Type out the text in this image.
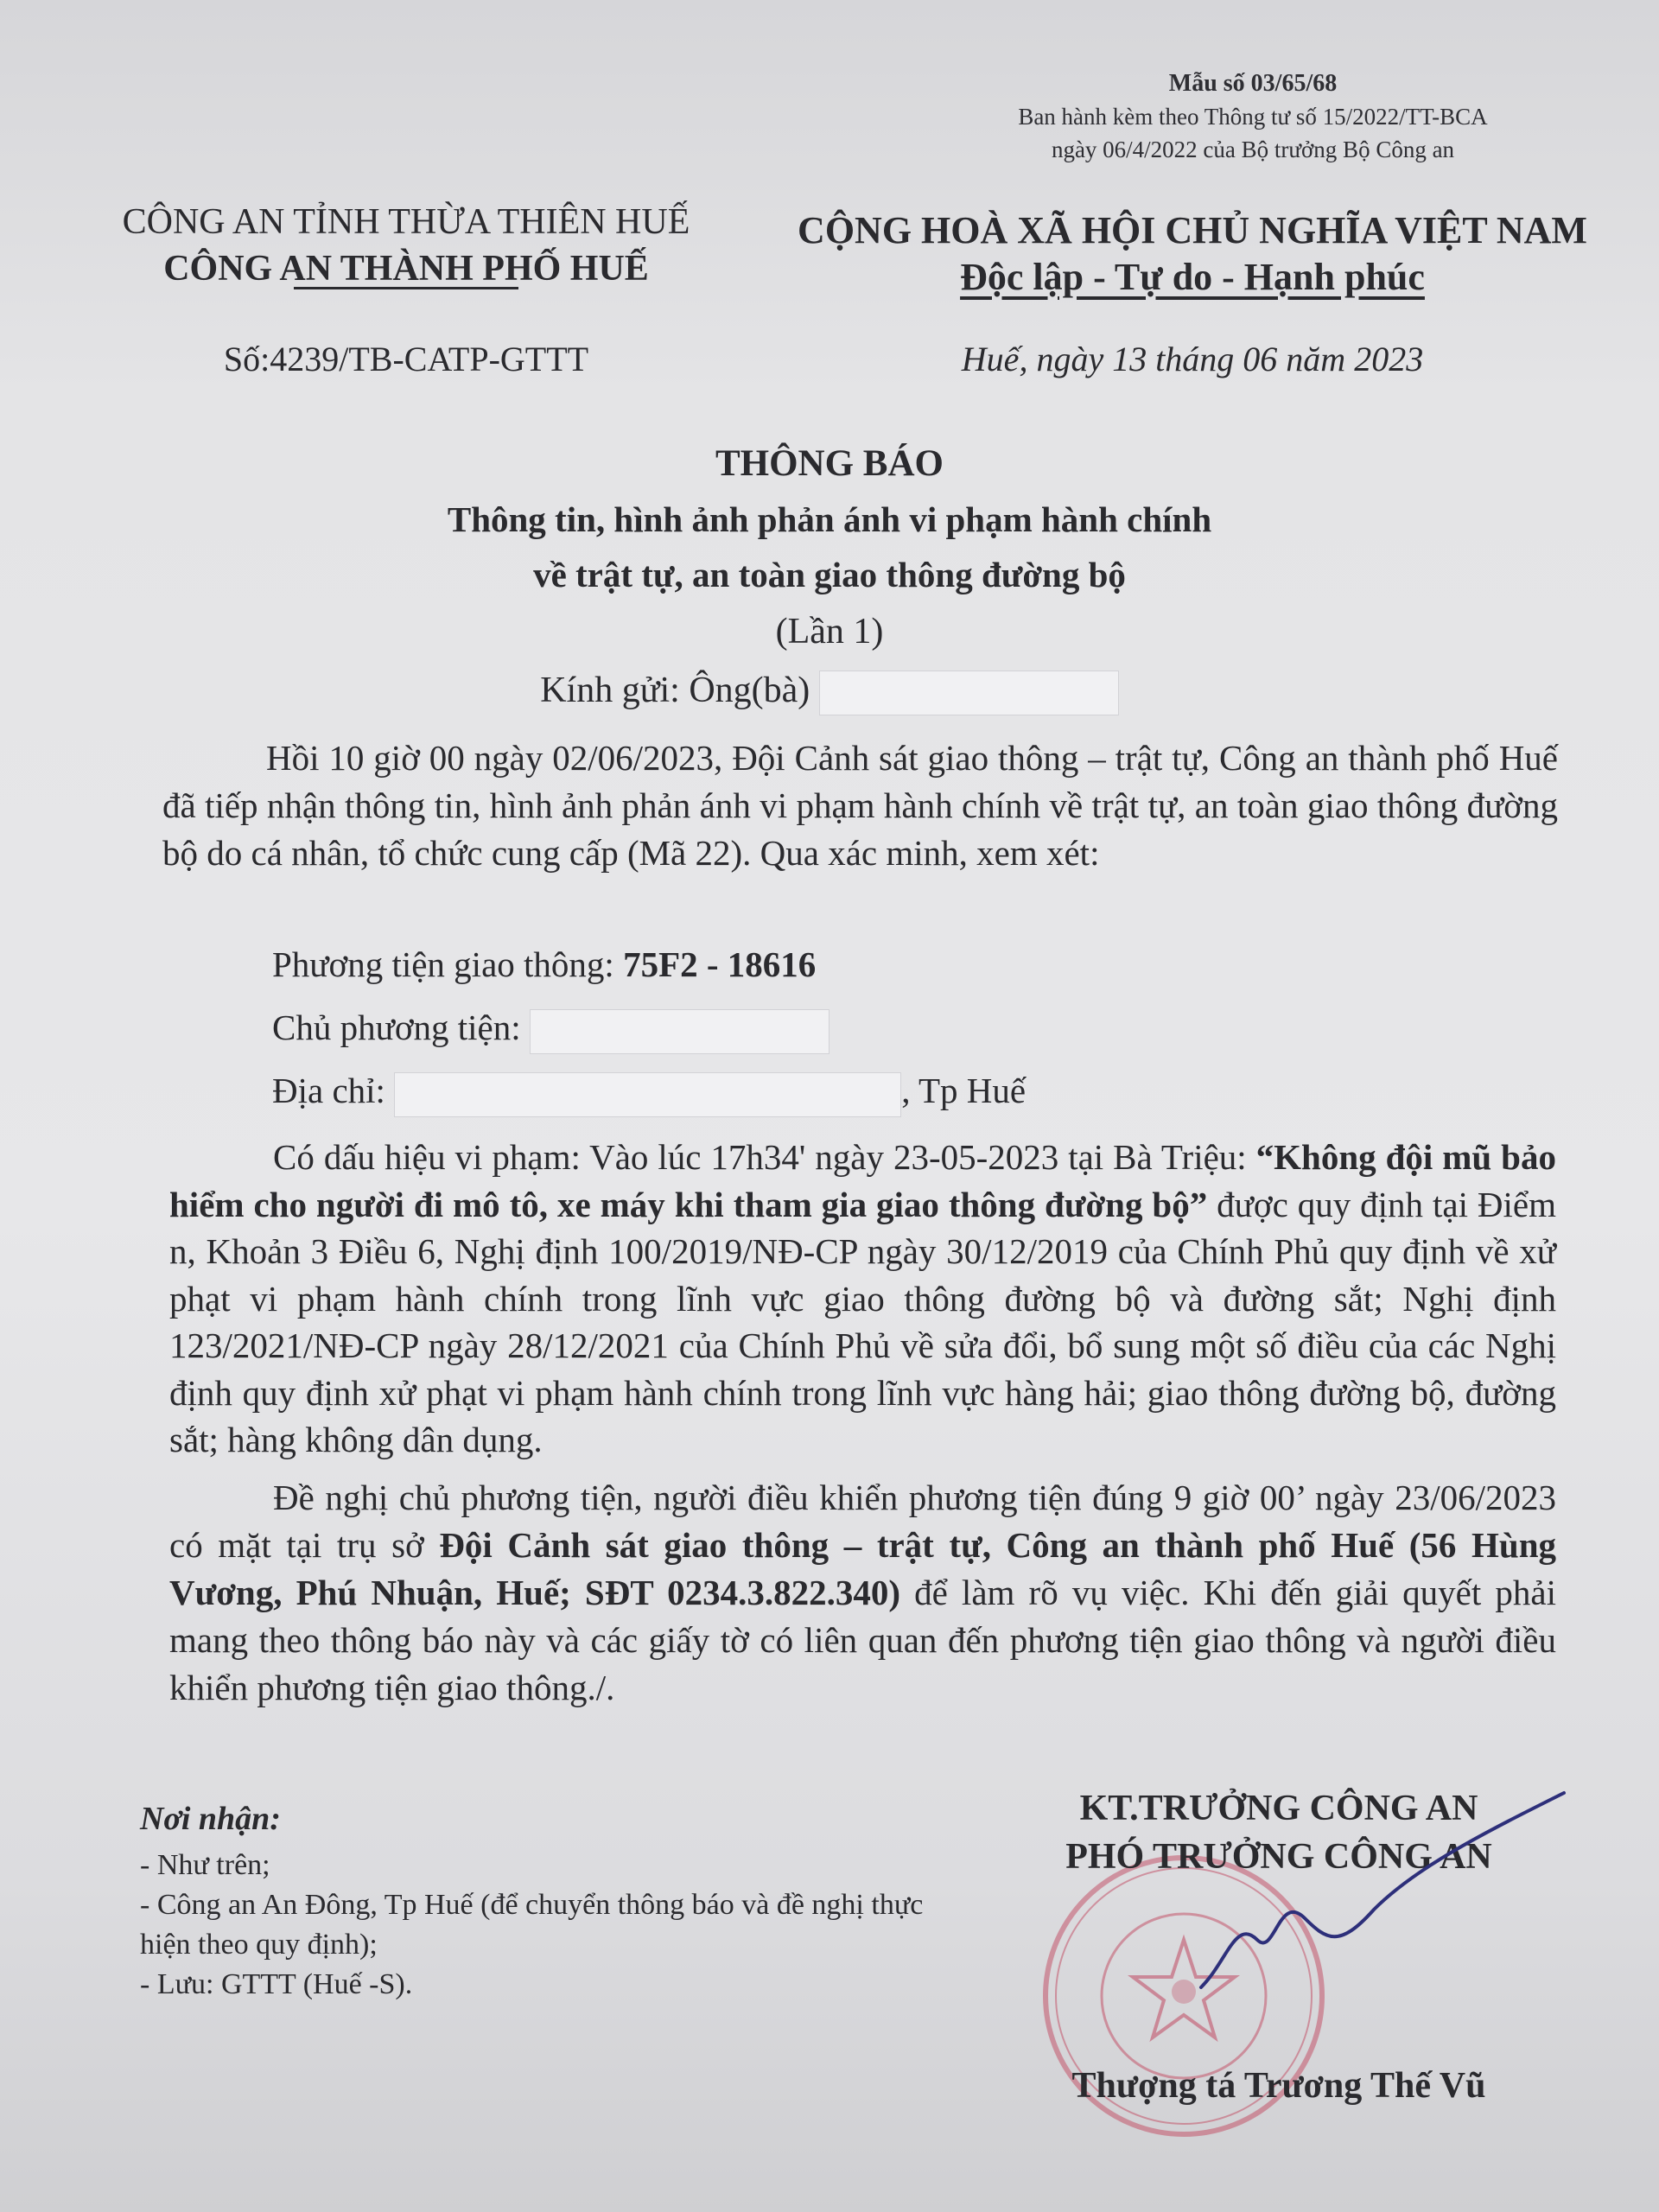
Mẫu số 03/65/68
Ban hành kèm theo Thông tư số 15/2022/TT-BCA
ngày 06/4/2022 của Bộ trưởng Bộ Công an
CÔNG AN TỈNH THỪA THIÊN HUẾ
CÔNG AN THÀNH PHỐ HUẾ
CỘNG HOÀ XÃ HỘI CHỦ NGHĨA VIỆT NAM
Độc lập - Tự do - Hạnh phúc
Số:4239/TB-CATP-GTTT	Huế, ngày 13 tháng 06 năm 2023
THÔNG BÁO
Thông tin, hình ảnh phản ánh vi phạm hành chính
về trật tự, an toàn giao thông đường bộ
(Lần 1)
Kính gửi: Ông(bà)

Hồi 10 giờ 00 ngày 02/06/2023, Đội Cảnh sát giao thông – trật tự, Công an thành phố Huế đã tiếp nhận thông tin, hình ảnh phản ánh vi phạm hành chính về trật tự, an toàn giao thông đường bộ do cá nhân, tổ chức cung cấp (Mã 22). Qua xác minh, xem xét:

Phương tiện giao thông: 75F2 - 18616
Chủ phương tiện:
Địa chỉ:	, Tp Huế
Có dấu hiệu vi phạm: Vào lúc 17h34' ngày 23-05-2023 tại Bà Triệu: “Không đội mũ bảo hiểm cho người đi mô tô, xe máy khi tham gia giao thông đường bộ” được quy định tại Điểm n, Khoản 3 Điều 6, Nghị định 100/2019/NĐ-CP ngày 30/12/2019 của Chính Phủ quy định về xử phạt vi phạm hành chính trong lĩnh vực giao thông đường bộ và đường sắt; Nghị định 123/2021/NĐ-CP ngày 28/12/2021 của Chính Phủ về sửa đổi, bổ sung một số điều của các Nghị định quy định xử phạt vi phạm hành chính trong lĩnh vực hàng hải; giao thông đường bộ, đường sắt; hàng không dân dụng.
Đề nghị chủ phương tiện, người điều khiển phương tiện đúng 9 giờ 00’ ngày 23/06/2023 có mặt tại trụ sở Đội Cảnh sát giao thông – trật tự, Công an thành phố Huế (56 Hùng Vương, Phú Nhuận, Huế; SĐT 0234.3.822.340) để làm rõ vụ việc. Khi đến giải quyết phải mang theo thông báo này và các giấy tờ có liên quan đến phương tiện giao thông và người điều khiển phương tiện giao thông./.
Nơi nhận:
- Như trên;
- Công an An Đông, Tp Huế (để chuyển thông báo và đề nghị thực hiện theo quy định);
- Lưu: GTTT (Huế -S).
KT.TRƯỞNG CÔNG AN
PHÓ TRƯỞNG CÔNG AN
Thượng tá Trương Thế Vũ
